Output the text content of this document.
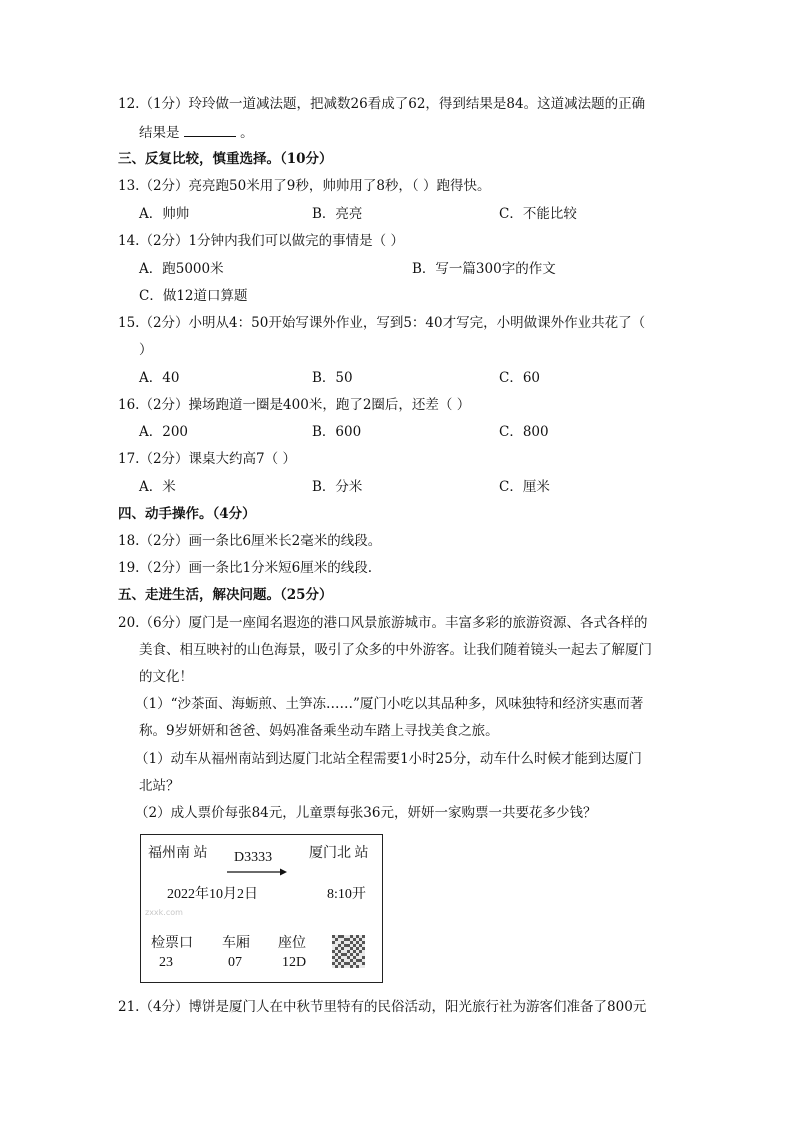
12.（1分）玲玲做一道减法题，把减数26看成了62，得到结果是84。这道减法题的正确
结果是	。
三、反复比较，慎重选择。（10分）
13.（2分）亮亮跑50米用了9秒，帅帅用了8秒，（ ）跑得快。
A．帅帅	B．亮亮	C．不能比较
14.（2分）1分钟内我们可以做完的事情是（ ）
A．跑5000米	B．写一篇300字的作文
C．做12道口算题
15.（2分）小明从4：50开始写课外作业，写到5：40才写完，小明做课外作业共花了（
）
A．40	B．50	C．60
16.（2分）操场跑道一圈是400米，跑了2圈后，还差（ ）
A．200	B．600	C．800
17.（2分）课桌大约高7（ ）
A．米	B．分米	C．厘米
四、动手操作。（4分）
18.（2分）画一条比6厘米长2毫米的线段。
19.（2分）画一条比1分米短6厘米的线段.
五、走进生活，解决问题。（25分）
20.（6分）厦门是一座闻名遐迩的港口风景旅游城市。丰富多彩的旅游资源、各式各样的
美食、相互映衬的山色海景，吸引了众多的中外游客。让我们随着镜头一起去了解厦门
的文化！
（1）“沙茶面、海蛎煎、土笋冻……”厦门小吃以其品种多，风味独特和经济实惠而著
称。9岁妍妍和爸爸、妈妈准备乘坐动车踏上寻找美食之旅。
（1）动车从福州南站到达厦门北站全程需要1小时25分，动车什么时候才能到达厦门
北站？
（2）成人票价每张84元，儿童票每张36元，妍妍一家购票一共要花多少钱？
福州南 站 D3333	厦门北 站
2022年10月2日	8:10开
zxxk.com
检票口
23
车厢
07
座位
12D
21.（4分）博饼是厦门人在中秋节里特有的民俗活动，阳光旅行社为游客们准备了800元
